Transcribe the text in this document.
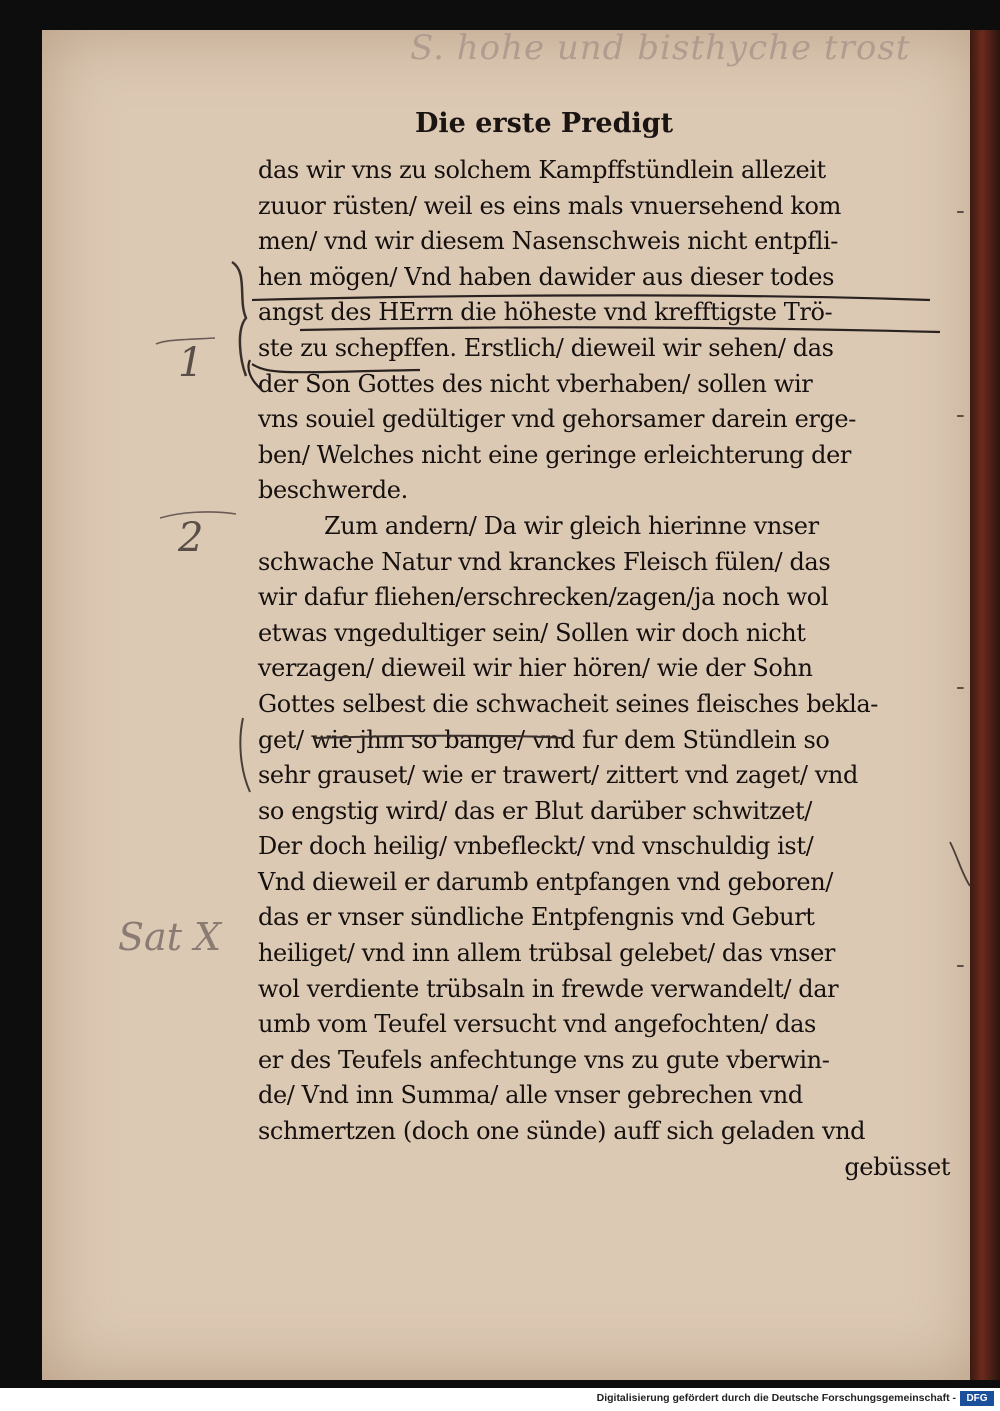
S. hohe und bisthyche trost
Die erste Predigt
das wir vns zu solchem Kampffstündlein allezeit
zuuor rüsten/ weil es eins mals vnuersehend kom
men/ vnd wir diesem Nasenschweis nicht entpfli-
hen mögen/ Vnd haben dawider aus dieser todes
angst des HErrn die höheste vnd krefftigste Trö-
ste zu schepffen. Erstlich/ dieweil wir sehen/ das
der Son Gottes des nicht vberhaben/ sollen wir
vns souiel gedültiger vnd gehorsamer darein erge-
ben/ Welches nicht eine geringe erleichterung der
beschwerde.
Zum andern/ Da wir gleich hierinne vnser
schwache Natur vnd kranckes Fleisch fülen/ das
wir dafur fliehen/erschrecken/zagen/ja noch wol
etwas vngedultiger sein/ Sollen wir doch nicht
verzagen/ dieweil wir hier hören/ wie der Sohn
Gottes selbest die schwacheit seines fleisches bekla-
get/ wie jhm so bange/ vnd fur dem Stündlein so
sehr grauset/ wie er trawert/ zittert vnd zaget/ vnd
so engstig wird/ das er Blut darüber schwitzet/
Der doch heilig/ vnbefleckt/ vnd vnschuldig ist/
Vnd dieweil er darumb entpfangen vnd geboren/
das er vnser sündliche Entpfengnis vnd Geburt
heiliget/ vnd inn allem trübsal gelebet/ das vnser
wol verdiente trübsaln in frewde verwandelt/ dar
umb vom Teufel versucht vnd angefochten/ das
er des Teufels anfechtunge vns zu gute vberwin-
de/ Vnd inn Summa/ alle vnser gebrechen vnd
schmertzen (doch one sünde) auff sich geladen vnd
gebüsset
1
2
-
-
-
-
Sat X
Digitalisierung gefördert durch die Deutsche Forschungsgemeinschaft -	DFG
